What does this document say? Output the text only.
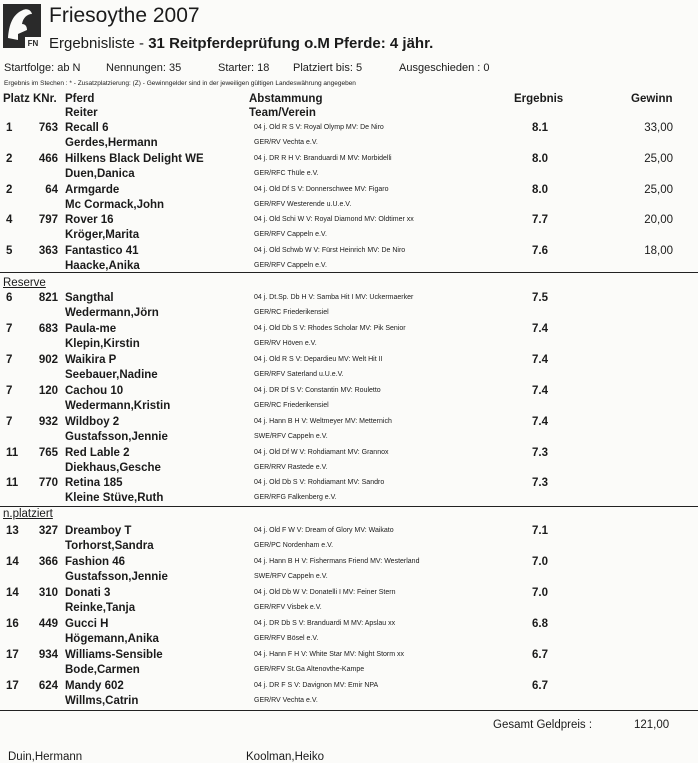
FN
Friesoythe 2007
Ergebnisliste - 31 Reitpferdeprüfung o.M Pferde: 4 jähr.
Startfolge: ab N Nennungen: 35	Starter: 18 Platziert bis: 5	Ausgeschieden : 0
Ergebnis im Stechen : * - Zusatzplatzierung: (Z) - Gewinngelder sind in der jeweiligen gültigen Landeswährung angegeben
Platz KNr. Pferd
Reiter
Abstammung
Team/Verein
Ergebnis	Gewinn
Reserve
n.platziert
1	763 Recall 6
Gerdes,Hermann
04 j. Old R S V: Royal Olymp MV: De Niro
GER/RV Vechta e.V.
8.1	33,00
2	466 Hilkens Black Delight WE
Duen,Danica
04 j. DR R H V: Branduardi M MV: Morbidelli
GER/RFC Thüle e.V.
8.0	25,00
2	64 Armgarde
Mc Cormack,John
04 j. Old Df S V: Donnerschwee MV: Figaro
GER/RFV Westerende u.U.e.V.
8.0	25,00
4	797 Rover 16
Kröger,Marita
04 j. Old Schi W V: Royal Diamond MV: Oldtimer xx
GER/RFV Cappeln e.V.
7.7	20,00
5	363 Fantastico 41
Haacke,Anika
04 j. Old Schwb W V: Fürst Heinrich MV: De Niro
GER/RFV Cappeln e.V.
7.6	18,00
6	821 Sangthal
Wedermann,Jörn
04 j. Dt.Sp. Db H V: Samba Hit I MV: Uckermaerker
GER/RC Friederikensiel
7.5
7	683 Paula-me
Klepin,Kirstin
04 j. Old Db S V: Rhodes Scholar MV: Pik Senior
GER/RV Höven e.V.
7.4
7	902 Waikira P
Seebauer,Nadine
04 j. Old R S V: Depardieu MV: Welt Hit II
GER/RFV Saterland u.U.e.V.
7.4
7	120 Cachou 10
Wedermann,Kristin
04 j. DR Df S V: Constantin MV: Rouletto
GER/RC Friederikensiel
7.4
7	932 Wildboy 2
Gustafsson,Jennie
04 j. Hann B H V: Weltmeyer MV: Metternich
SWE/RFV Cappeln e.V.
7.4
11	765 Red Lable 2
Diekhaus,Gesche
04 j. Old Df W V: Rohdiamant MV: Grannox
GER/RRV Rastede e.V.
7.3
11	770 Retina 185
Kleine Stüve,Ruth
04 j. Old Db S V: Rohdiamant MV: Sandro
GER/RFG Falkenberg e.V.
7.3
13	327 Dreamboy T
Torhorst,Sandra
04 j. Old F W V: Dream of Glory MV: Waikato
GER/PC Nordenham e.V.
7.1
14	366 Fashion 46
Gustafsson,Jennie
04 j. Hann B H V: Fishermans Friend MV: Westerland
SWE/RFV Cappeln e.V.
7.0
14	310 Donati 3
Reinke,Tanja
04 j. Old Db W V: Donatelli I MV: Feiner Stern
GER/RFV Visbek e.V.
7.0
16	449 Gucci H
Högemann,Anika
04 j. DR Db S V: Branduardi M MV: Apslau xx
GER/RFV Bösel e.V.
6.8
17	934 Williams-Sensible
Bode,Carmen
04 j. Hann F H V: White Star MV: Night Storm xx
GER/RFV St.Ga Altenovthe-Kampe
6.7
17	624 Mandy 602
Willms,Catrin
04 j. DR F S V: Davignon MV: Emir NPA
GER/RV Vechta e.V.
6.7
Gesamt Geldpreis :	121,00
Duin,Hermann	Koolman,Heiko
